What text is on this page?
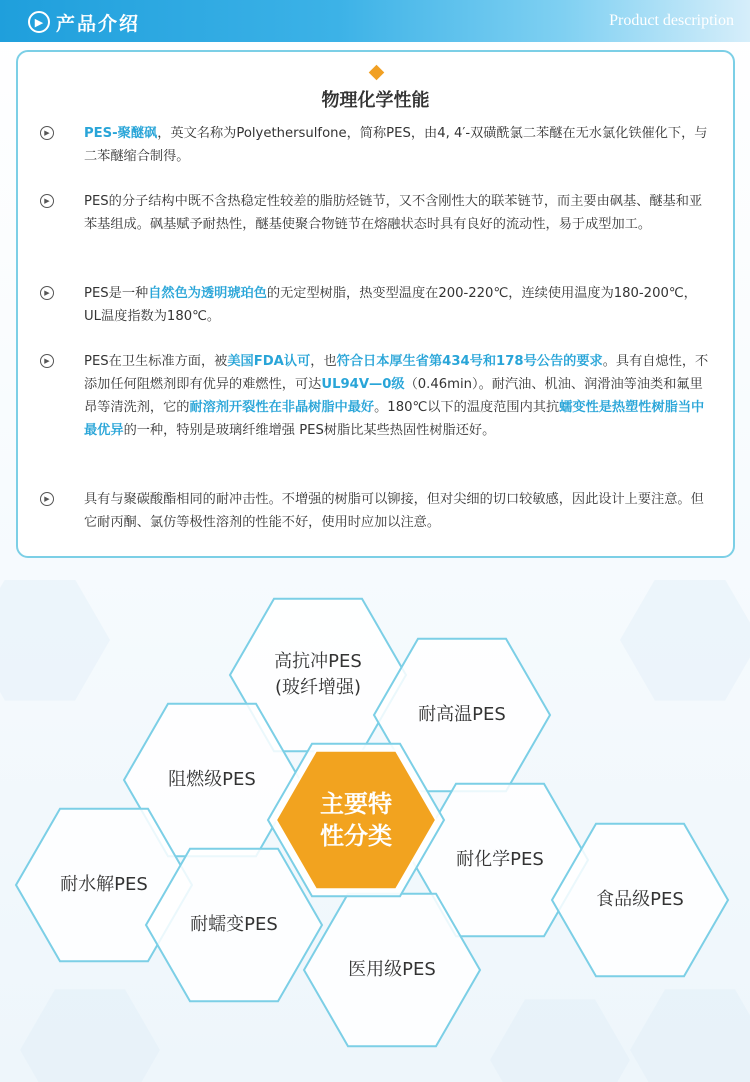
▶ 产品介绍	Product description
物理化学性能
▶	PES-聚醚砜，英文名称为Polyethersulfone，简称PES，由4, 4′-双磺酰氯二苯醚在无水氯化铁催化下，与二苯醚缩合制得。
▶	PES的分子结构中既不含热稳定性较差的脂肪烃链节，又不含刚性大的联苯链节，而主要由砜基、醚基和亚苯基组成。砜基赋予耐热性，醚基使聚合物链节在熔融状态时具有良好的流动性，易于成型加工。
▶	PES是一种自然色为透明琥珀色的无定型树脂，热变型温度在200-220℃，连续使用温度为180-200℃， UL温度指数为180℃。
▶	PES在卫生标准方面，被美国FDA认可，也符合日本厚生省第434号和178号公告的要求。具有自熄性，不添加任何阻燃剂即有优异的难燃性，可达UL94V—0级（0.46min）。耐汽油、机油、润滑油等油类和氟里昂等清洗剂，它的耐溶剂开裂性在非晶树脂中最好。180℃以下的温度范围内其抗蠕变性是热塑性树脂当中最优异的一种，特别是玻璃纤维增强 PES树脂比某些热固性树脂还好。
▶	具有与聚碳酸酯相同的耐冲击性。不增强的树脂可以铆接，但对尖细的切口较敏感，因此设计上要注意。但它耐丙酮、氯仿等极性溶剂的性能不好，使用时应加以注意。
高抗冲PES
(玻纤增强)
耐高温PES
阻燃级PES
耐化学PES
耐水解PES
耐蠕变PES
医用级PES
食品级PES
主要特
性分类
